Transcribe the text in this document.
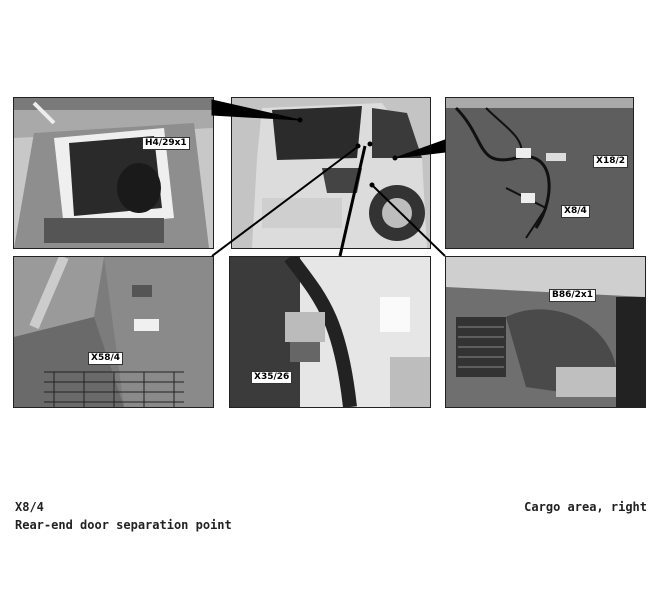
H4/29x1
X18/2
X8/4
X58/4
X35/26
B86/2x1
X8/4
Rear-end door separation point
Cargo area, right
